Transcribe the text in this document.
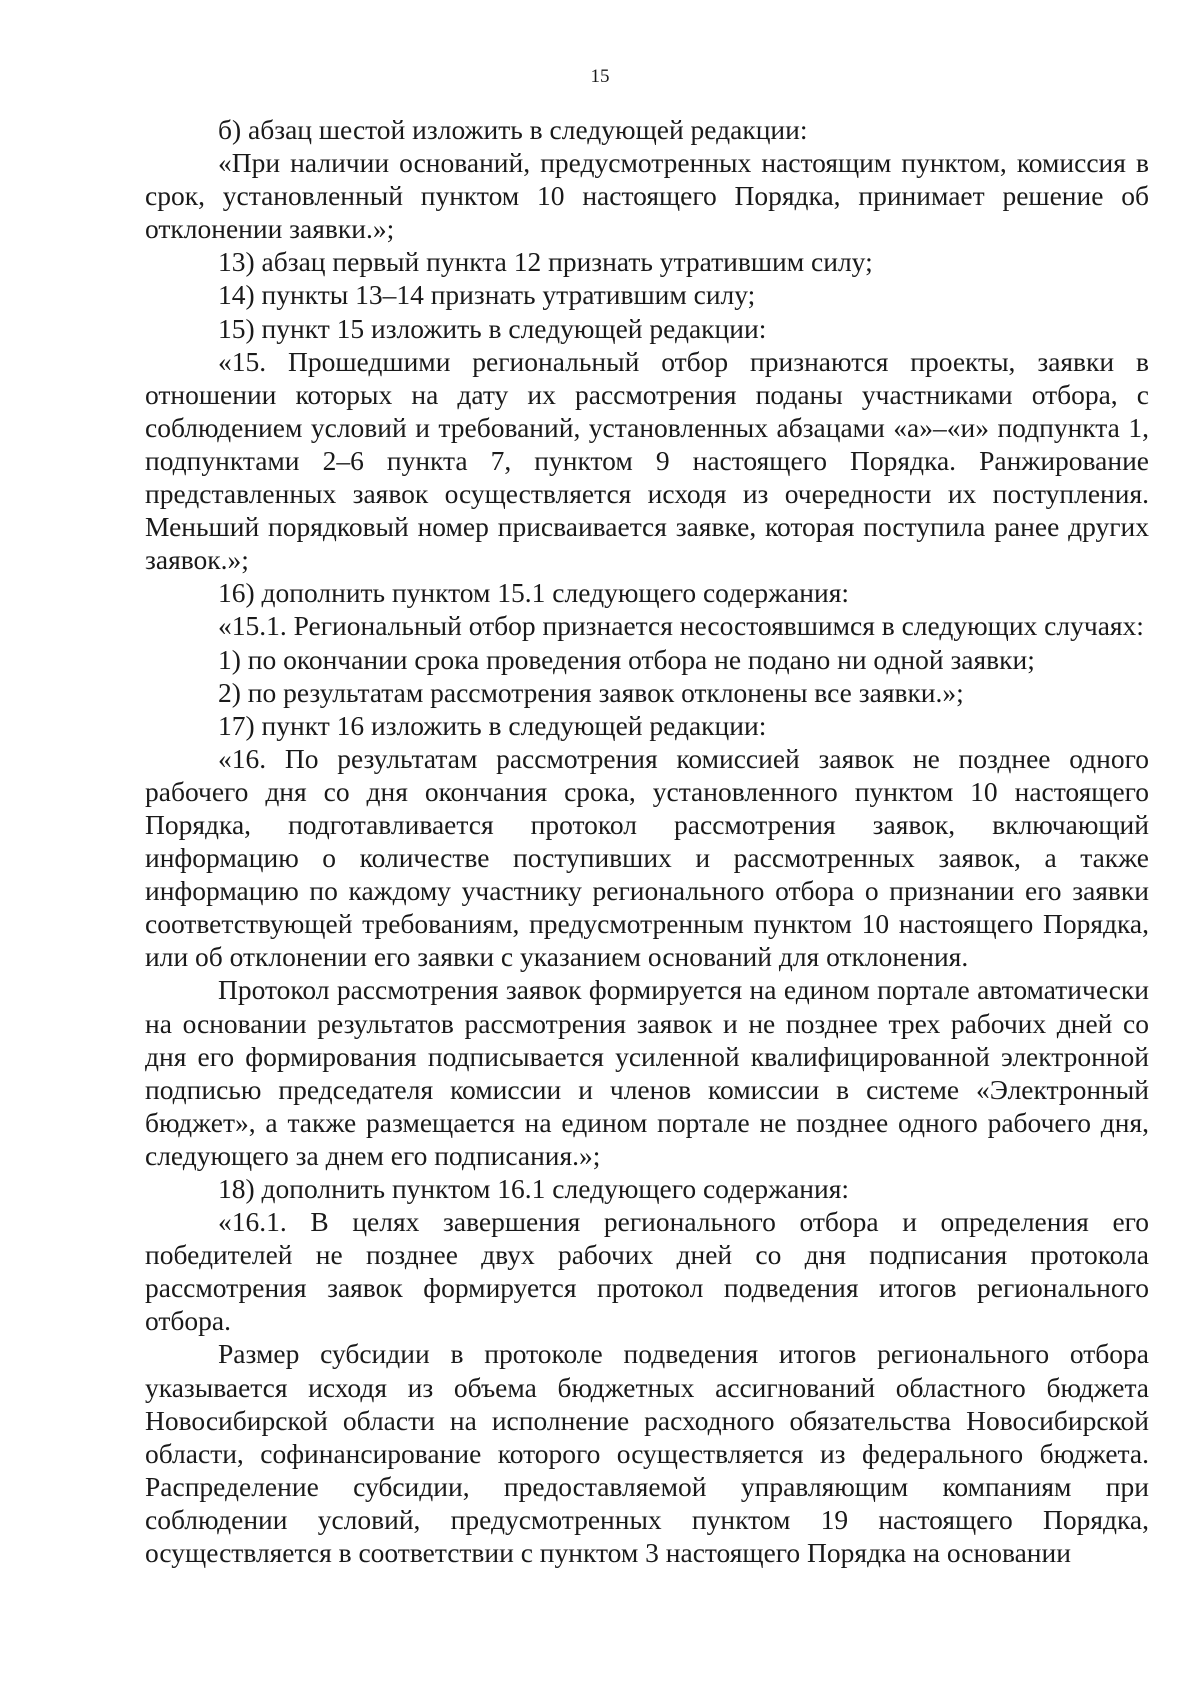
15

б) абзац шестой изложить в следующей редакции:

«При наличии оснований, предусмотренных настоящим пунктом, комиссия в срок, установленный пунктом 10 настоящего Порядка, принимает решение об отклонении заявки.»;

13) абзац первый пункта 12 признать утратившим силу;

14) пункты 13–14 признать утратившим силу;

15) пункт 15 изложить в следующей редакции:

«15. Прошедшими региональный отбор признаются проекты, заявки в отношении которых на дату их рассмотрения поданы участниками отбора, с соблюдением условий и требований, установленных абзацами «а»–«и» подпункта 1, подпунктами 2–6 пункта 7, пунктом 9 настоящего Порядка. Ранжирование представленных заявок осуществляется исходя из очередности их поступления. Меньший порядковый номер присваивается заявке, которая поступила ранее других заявок.»;

16) дополнить пунктом 15.1 следующего содержания:

«15.1. Региональный отбор признается несостоявшимся в следующих случаях:

1) по окончании срока проведения отбора не подано ни одной заявки;

2) по результатам рассмотрения заявок отклонены все заявки.»;

17) пункт 16 изложить в следующей редакции:

«16. По результатам рассмотрения комиссией заявок не позднее одного рабочего дня со дня окончания срока, установленного пунктом 10 настоящего Порядка, подготавливается протокол рассмотрения заявок, включающий информацию о количестве поступивших и рассмотренных заявок, а также информацию по каждому участнику регионального отбора о признании его заявки соответствующей требованиям, предусмотренным пунктом 10 настоящего Порядка, или об отклонении его заявки с указанием оснований для отклонения.

Протокол рассмотрения заявок формируется на едином портале автоматически на основании результатов рассмотрения заявок и не позднее трех рабочих дней со дня его формирования подписывается усиленной квалифицированной электронной подписью председателя комиссии и членов комиссии в системе «Электронный бюджет», а также размещается на едином портале не позднее одного рабочего дня, следующего за днем его подписания.»;

18) дополнить пунктом 16.1 следующего содержания:

«16.1. В целях завершения регионального отбора и определения его победителей не позднее двух рабочих дней со дня подписания протокола рассмотрения заявок формируется протокол подведения итогов регионального отбора.

Размер субсидии в протоколе подведения итогов регионального отбора указывается исходя из объема бюджетных ассигнований областного бюджета Новосибирской области на исполнение расходного обязательства Новосибирской области, софинансирование которого осуществляется из федерального бюджета. Распределение субсидии, предоставляемой управляющим компаниям при соблюдении условий, предусмотренных пунктом 19 настоящего Порядка, осуществляется в соответствии с пунктом 3 настоящего Порядка на основании
